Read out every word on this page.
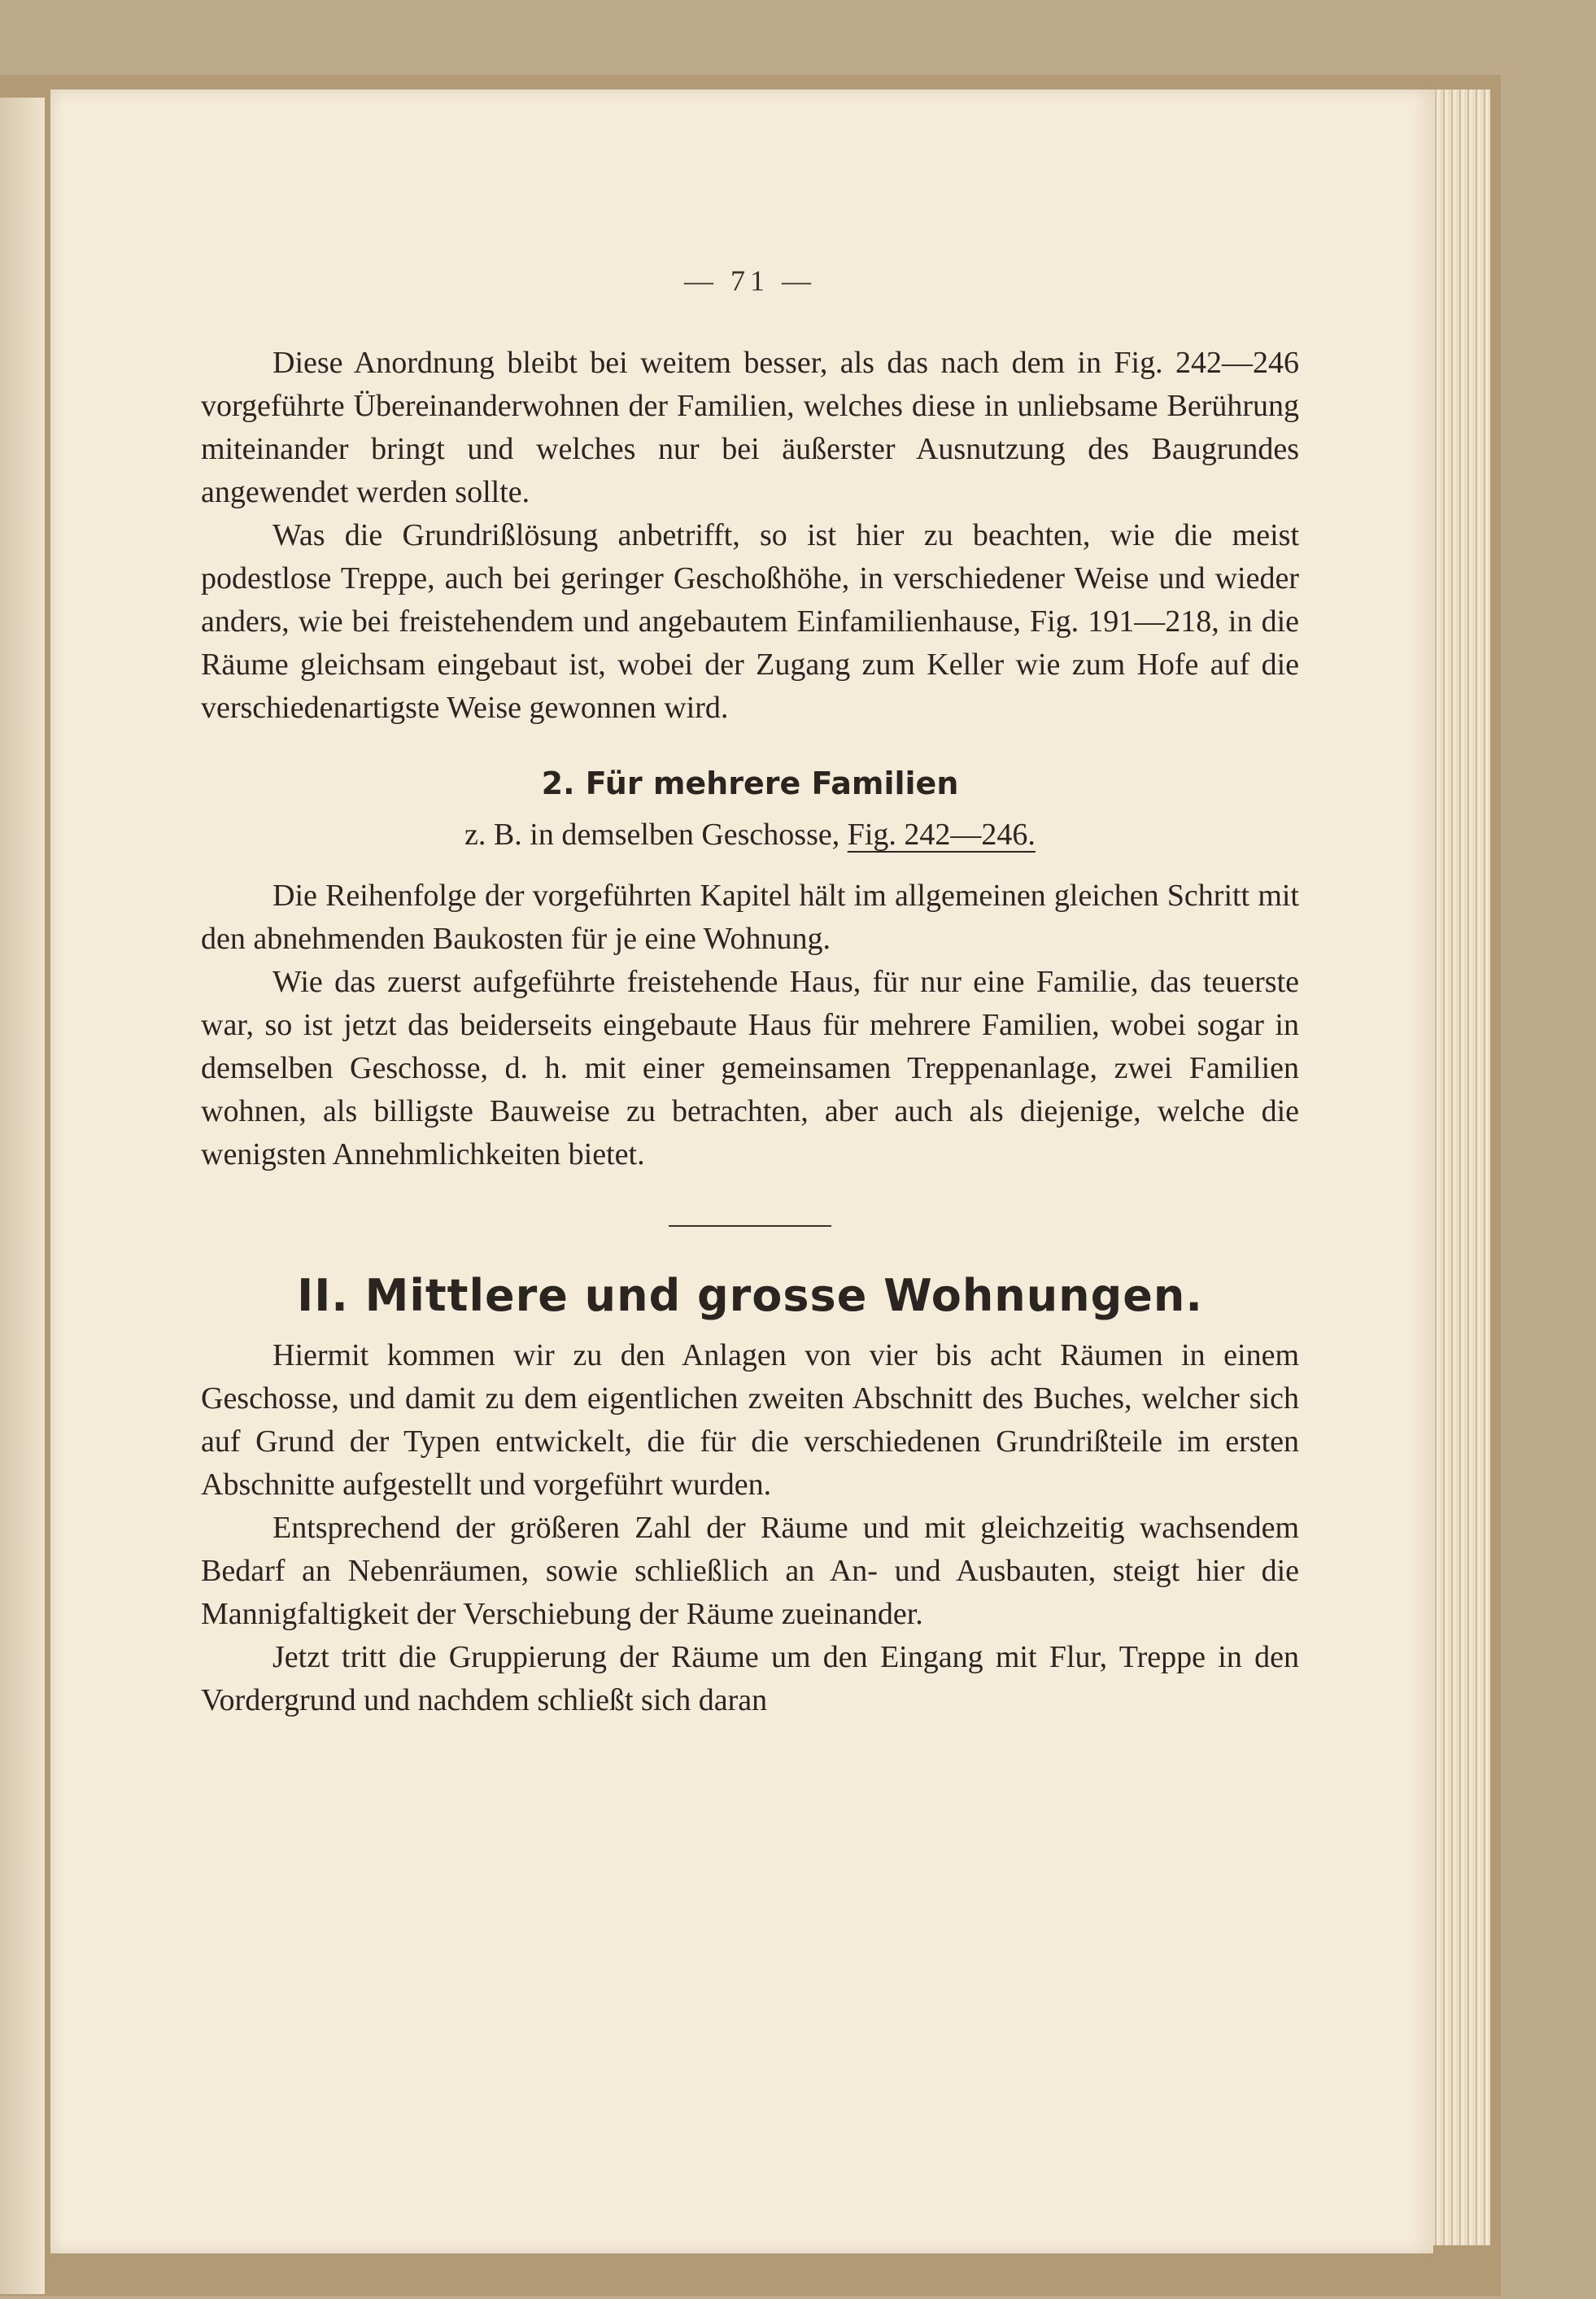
— 71 —

Diese Anordnung bleibt bei weitem besser, als das nach dem in Fig. 242—246 vorgeführte Übereinanderwohnen der Familien, welches diese in unliebsame Berührung miteinander bringt und welches nur bei äußerster Ausnutzung des Baugrundes angewendet werden sollte.

Was die Grundrißlösung anbetrifft, so ist hier zu beachten, wie die meist podestlose Treppe, auch bei geringer Geschoßhöhe, in verschiedener Weise und wieder anders, wie bei freistehendem und angebautem Einfamilienhause, Fig. 191—218, in die Räume gleichsam eingebaut ist, wobei der Zugang zum Keller wie zum Hofe auf die verschiedenartigste Weise gewonnen wird.

2. Für mehrere Familien
z. B. in demselben Geschosse, Fig. 242—246.

Die Reihenfolge der vorgeführten Kapitel hält im allgemeinen gleichen Schritt mit den abnehmenden Baukosten für je eine Wohnung.

Wie das zuerst aufgeführte freistehende Haus, für nur eine Familie, das teuerste war, so ist jetzt das beiderseits eingebaute Haus für mehrere Familien, wobei sogar in demselben Geschosse, d. h. mit einer gemeinsamen Treppenanlage, zwei Familien wohnen, als billigste Bauweise zu betrachten, aber auch als diejenige, welche die wenigsten Annehmlichkeiten bietet.

II. Mittlere und grosse Wohnungen.

Hiermit kommen wir zu den Anlagen von vier bis acht Räumen in einem Geschosse, und damit zu dem eigentlichen zweiten Abschnitt des Buches, welcher sich auf Grund der Typen entwickelt, die für die verschiedenen Grundrißteile im ersten Abschnitte aufgestellt und vorgeführt wurden.

Entsprechend der größeren Zahl der Räume und mit gleichzeitig wachsendem Bedarf an Nebenräumen, sowie schließlich an An- und Ausbauten, steigt hier die Mannigfaltigkeit der Verschiebung der Räume zueinander.

Jetzt tritt die Gruppierung der Räume um den Eingang mit Flur, Treppe in den Vordergrund und nachdem schließt sich daran
